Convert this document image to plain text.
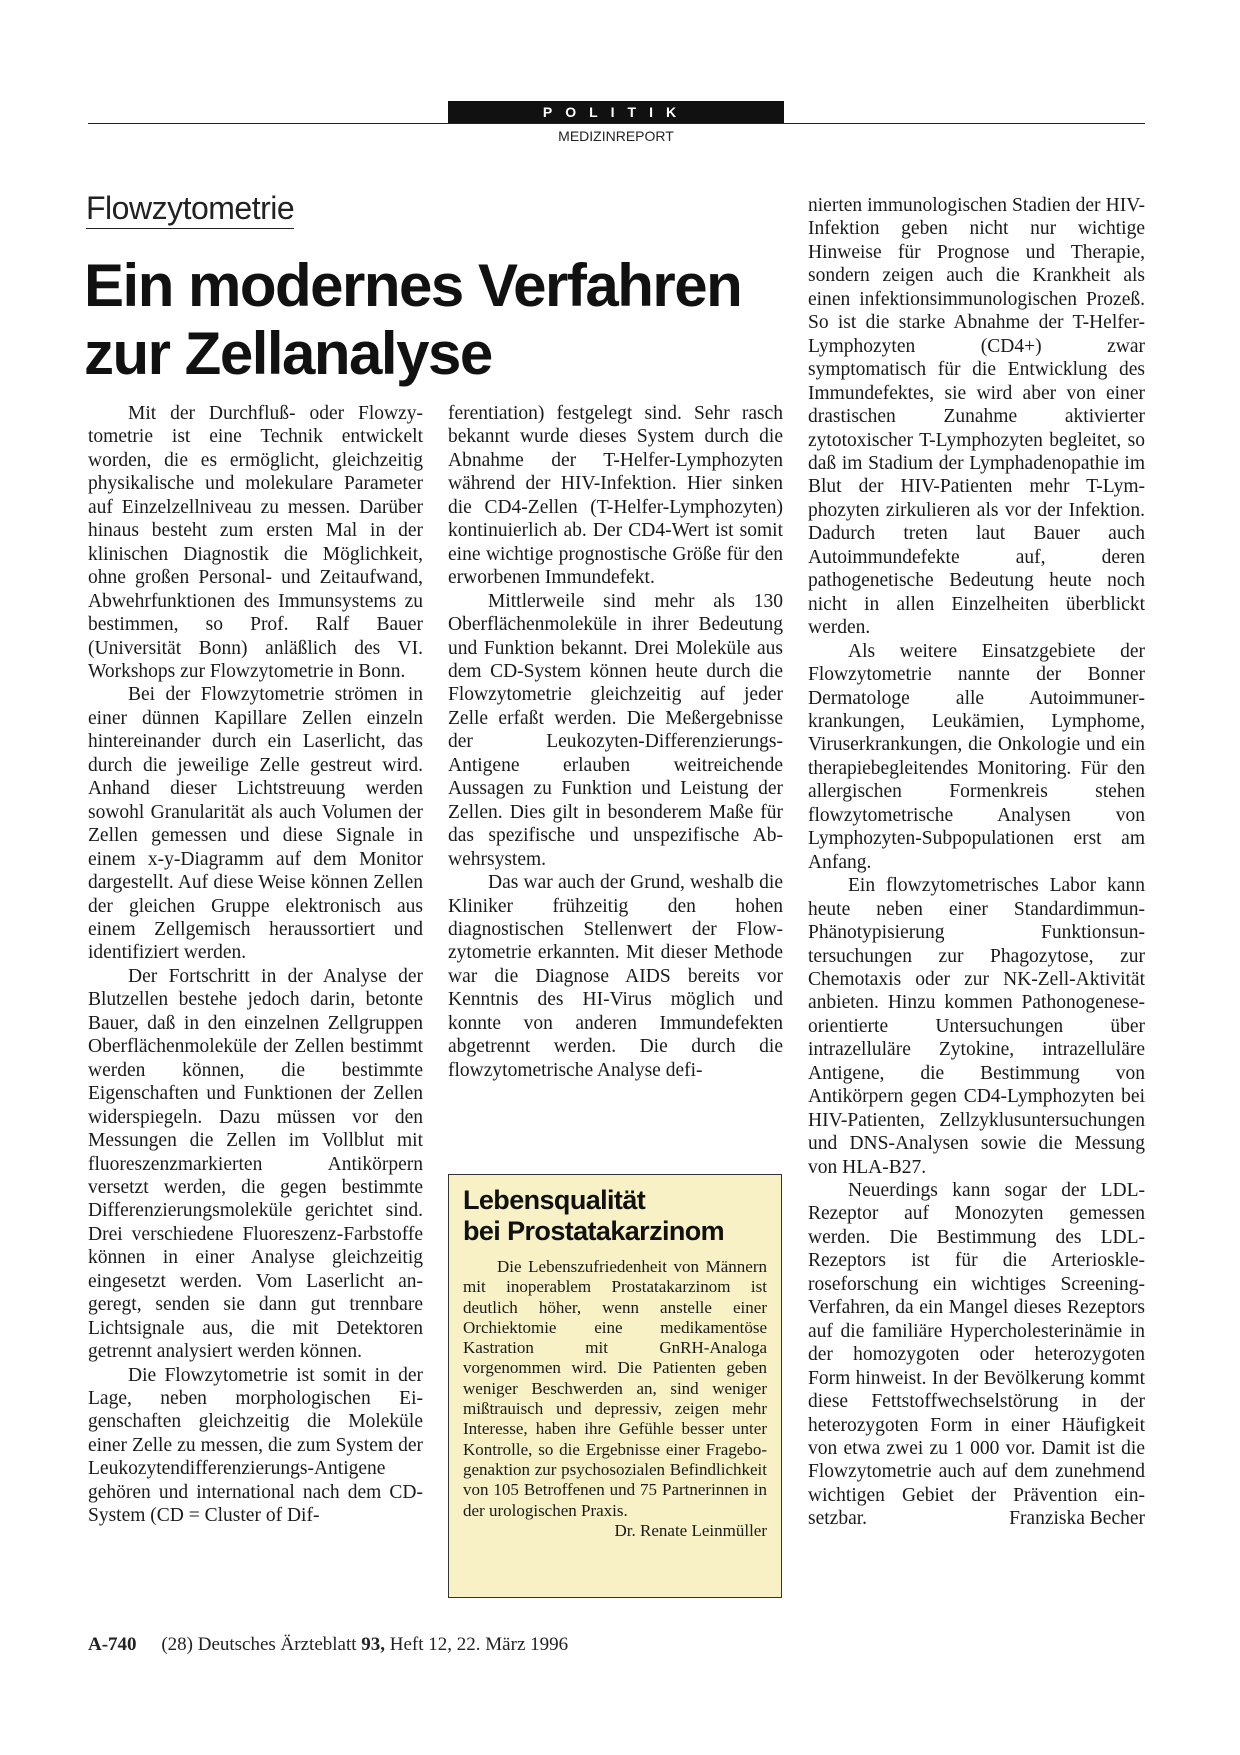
POLITIK
MEDIZINREPORT
Flowzytometrie
Ein modernes Verfahren
zur Zellanalyse

Mit der Durchfluß- oder Flowzytometrie ist eine Technik entwickelt worden, die es ermöglicht, gleichzeitig physikalische und molekulare Parameter auf Einzelzellniveau zu messen. Darüber hinaus besteht zum ersten Mal in der klinischen Diagnostik die Möglichkeit, ohne großen Personal- und Zeitaufwand, Abwehrfunktionen des Immunsystems zu bestimmen, so Prof. Ralf Bauer (Universität Bonn) anläßlich des VI. Workshops zur Flowzytometrie in Bonn.

Bei der Flowzytometrie strömen in einer dünnen Kapillare Zellen einzeln hintereinander durch ein Laserlicht, das durch die jeweilige Zelle gestreut wird. Anhand dieser Lichtstreuung werden sowohl Granularität als auch Volumen der Zellen gemessen und diese Signale in einem x-y-Diagramm auf dem Monitor dargestellt. Auf diese Weise können Zellen der gleichen Gruppe elektronisch aus einem Zellgemisch heraussortiert und identifiziert werden.

Der Fortschritt in der Analyse der Blutzellen bestehe jedoch darin, betonte Bauer, daß in den einzelnen Zellgruppen Oberflächenmoleküle der Zellen bestimmt werden können, die bestimmte Eigenschaften und Funktionen der Zellen widerspiegeln. Dazu müssen vor den Messungen die Zellen im Vollblut mit fluoreszenzmarkierten Antikörpern versetzt werden, die gegen bestimmte Differenzierungsmoleküle gerichtet sind. Drei verschiedene Fluoreszenz-Farbstoffe können in einer Analyse gleichzeitig eingesetzt werden. Vom Laserlicht angeregt, senden sie dann gut trennbare Lichtsignale aus, die mit Detektoren getrennt analysiert werden können.

Die Flowzytometrie ist somit in der Lage, neben morphologischen Eigenschaften gleichzeitig die Moleküle einer Zelle zu messen, die zum System der Leukozytendifferenzierungs-Antigene gehören und international nach dem CD-System (CD = Cluster of Dif-

ferentiation) festgelegt sind. Sehr rasch bekannt wurde dieses System durch die Abnahme der T-Helfer-Lymphozyten während der HIV-Infektion. Hier sinken die CD4-Zellen (T-Helfer-Lymphozyten) kontinuierlich ab. Der CD4-Wert ist somit eine wichtige prognostische Größe für den erworbenen Immundefekt.

Mittlerweile sind mehr als 130 Oberflächenmoleküle in ihrer Bedeutung und Funktion bekannt. Drei Moleküle aus dem CD-System können heute durch die Flowzytometrie gleichzeitig auf jeder Zelle erfaßt werden. Die Meßergebnisse der Leukozyten-Differenzierungs-Antigene erlauben weitreichende Aussagen zu Funktion und Leistung der Zellen. Dies gilt in besonderem Maße für das spezifische und unspezifische Abwehrsystem.

Das war auch der Grund, weshalb die Kliniker frühzeitig den hohen diagnostischen Stellenwert der Flowzytometrie erkannten. Mit dieser Methode war die Diagnose AIDS bereits vor Kenntnis des HI-Virus möglich und konnte von anderen Immundefekten abgetrennt werden. Die durch die flowzytometrische Analyse defi-

Lebensqualität
bei Prostatakarzinom

Die Lebenszufriedenheit von Männern mit inoperablem Prostatakarzinom ist deutlich höher, wenn anstelle einer Orchiektomie eine medikamentöse Kastration mit GnRH-Analoga vorgenommen wird. Die Patienten geben weniger Beschwerden an, sind weniger mißtrauisch und depressiv, zeigen mehr Interesse, haben ihre Gefühle besser unter Kontrolle, so die Ergebnisse einer Fragebogenaktion zur psychosozialen Befindlichkeit von 105 Betroffenen und 75 Partnerinnen in der urologischen Praxis.
Dr. Renate Leinmüller

nierten immunologischen Stadien der HIV-Infektion geben nicht nur wichtige Hinweise für Prognose und Therapie, sondern zeigen auch die Krankheit als einen infektionsimmunologischen Prozeß. So ist die starke Abnahme der T-Helfer-Lymphozyten (CD4+) zwar symptomatisch für die Entwicklung des Immundefektes, sie wird aber von einer drastischen Zunahme aktivierter zytotoxischer T-Lymphozyten begleitet, so daß im Stadium der Lymphadenopathie im Blut der HIV-Patienten mehr T-Lymphozyten zirkulieren als vor der Infektion. Dadurch treten laut Bauer auch Autoimmundefekte auf, deren pathogenetische Bedeutung heute noch nicht in allen Einzelheiten überblickt werden.

Als weitere Einsatzgebiete der Flowzytometrie nannte der Bonner Dermatologe alle Autoimmunerkrankungen, Leukämien, Lymphome, Viruserkrankungen, die Onkologie und ein therapiebegleitendes Monitoring. Für den allergischen Formenkreis stehen flowzytometrische Analysen von Lymphozyten-Subpopulationen erst am Anfang.

Ein flowzytometrisches Labor kann heute neben einer Standardimmun-Phänotypisierung Funktionsuntersuchungen zur Phagozytose, zur Chemotaxis oder zur NK-Zell-Aktivität anbieten. Hinzu kommen Pathonogenese-orientierte Untersuchungen über intrazelluläre Zytokine, intrazelluläre Antigene, die Bestimmung von Antikörpern gegen CD4-Lymphozyten bei HIV-Patienten, Zellzyklusuntersuchungen und DNS-Analysen sowie die Messung von HLA-B27.

Neuerdings kann sogar der LDL-Rezeptor auf Monozyten gemessen werden. Die Bestimmung des LDL-Rezeptors ist für die Arterioskleroseforschung ein wichtiges Screening-Verfahren, da ein Mangel dieses Rezeptors auf die familiäre Hypercholesterinämie in der homozygoten oder heterozygoten Form hinweist. In der Bevölkerung kommt diese Fettstoffwechselstörung in der heterozygoten Form in einer Häufigkeit von etwa zwei zu 1 000 vor. Damit ist die Flowzytometrie auch auf dem zunehmend wichtigen Gebiet der Prävention einsetzbar.	Franziska Becher

A-740 (28) Deutsches Ärzteblatt 93, Heft 12, 22. März 1996
